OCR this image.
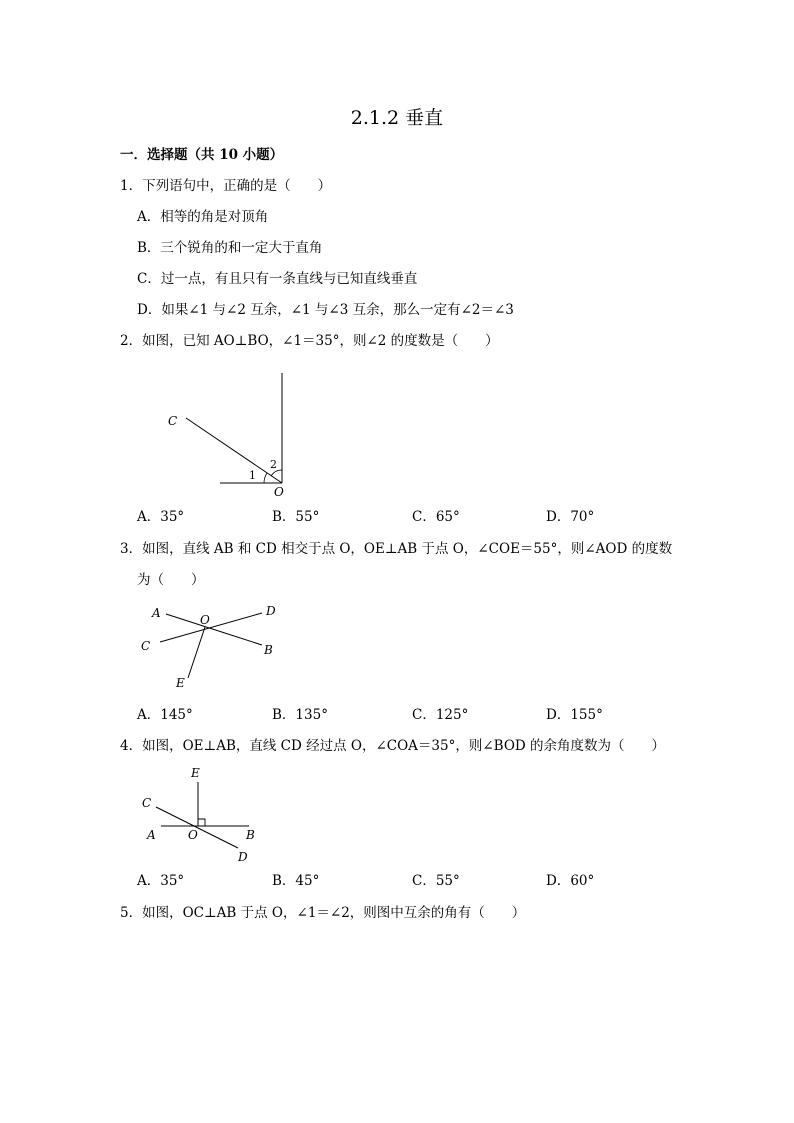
2.1.2 垂直
一．选择题（共 10 小题）
1．下列语句中，正确的是（　　）
A．相等的角是对顶角
B．三个锐角的和一定大于直角
C．过一点，有且只有一条直线与已知直线垂直
D．如果∠1 与∠2 互余，∠1 与∠3 互余，那么一定有∠2＝∠3
2．如图，已知 AO⊥BO，∠1＝35°，则∠2 的度数是（　　）
C
O
1
2
A．35°	B．55°	C．65°	D．70°
3．如图，直线 AB 和 CD 相交于点 O，OE⊥AB 于点 O，∠COE＝55°，则∠AOD 的度数
为（　　）
A
B
C
D
E
O
A．145°	B．135°	C．125°	D．155°
4．如图，OE⊥AB，直线 CD 经过点 O，∠COA＝35°，则∠BOD 的余角度数为（　　）
E
C
A	O	B
D
A．35°	B．45°	C．55°	D．60°
5．如图，OC⊥AB 于点 O，∠1＝∠2，则图中互余的角有（　　）
